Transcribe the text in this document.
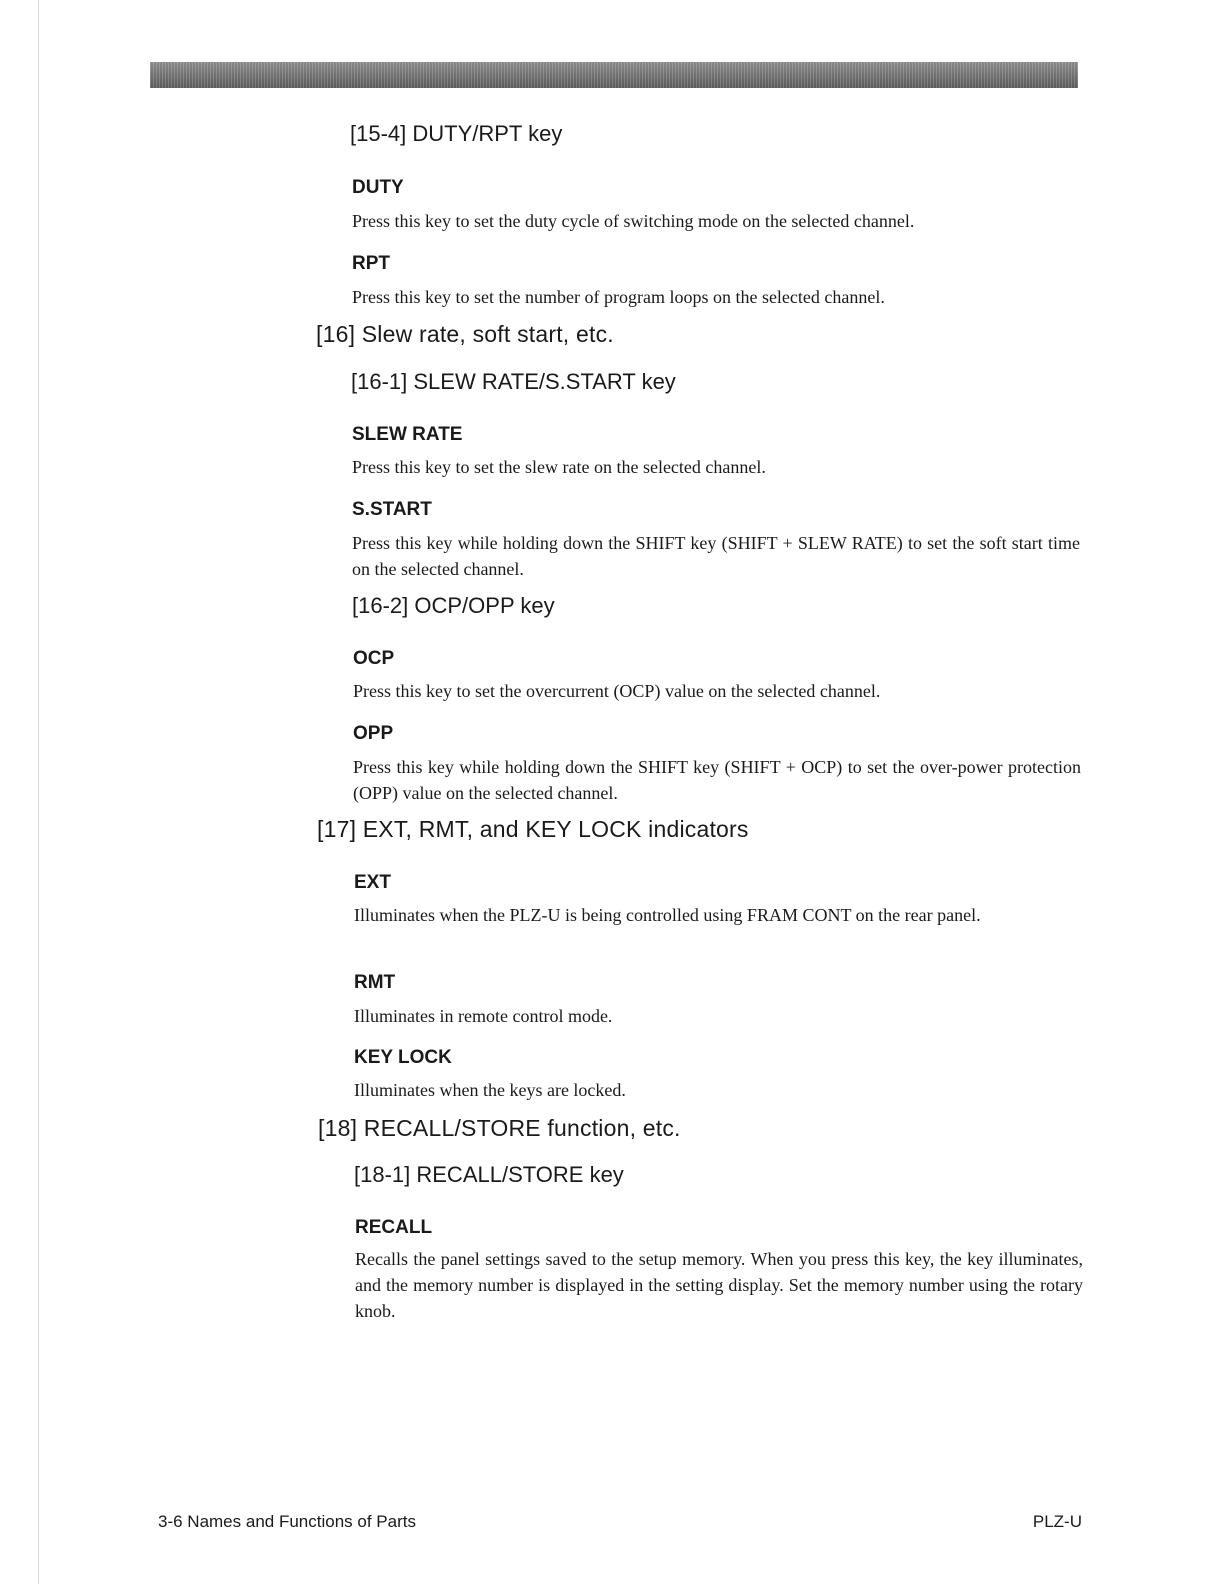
[15-4] DUTY/RPT key
DUTY

Press this key to set the duty cycle of switching mode on the selected channel.

RPT

Press this key to set the number of program loops on the selected channel.

[16] Slew rate, soft start, etc.
[16-1] SLEW RATE/S.START key
SLEW RATE

Press this key to set the slew rate on the selected channel.

S.START

Press this key while holding down the SHIFT key (SHIFT + SLEW RATE) to set the soft start time on the selected channel.

[16-2] OCP/OPP key
OCP

Press this key to set the overcurrent (OCP) value on the selected channel.

OPP

Press this key while holding down the SHIFT key (SHIFT + OCP) to set the over-power protection (OPP) value on the selected channel.

[17] EXT, RMT, and KEY LOCK indicators
EXT

Illuminates when the PLZ-U is being controlled using FRAM CONT on the rear panel.

RMT

Illuminates in remote control mode.

KEY LOCK

Illuminates when the keys are locked.

[18] RECALL/STORE function, etc.
[18-1] RECALL/STORE key
RECALL

Recalls the panel settings saved to the setup memory. When you press this key, the key illuminates, and the memory number is displayed in the setting display. Set the memory number using the rotary knob.

3-6 Names and Functions of Parts	PLZ-U
